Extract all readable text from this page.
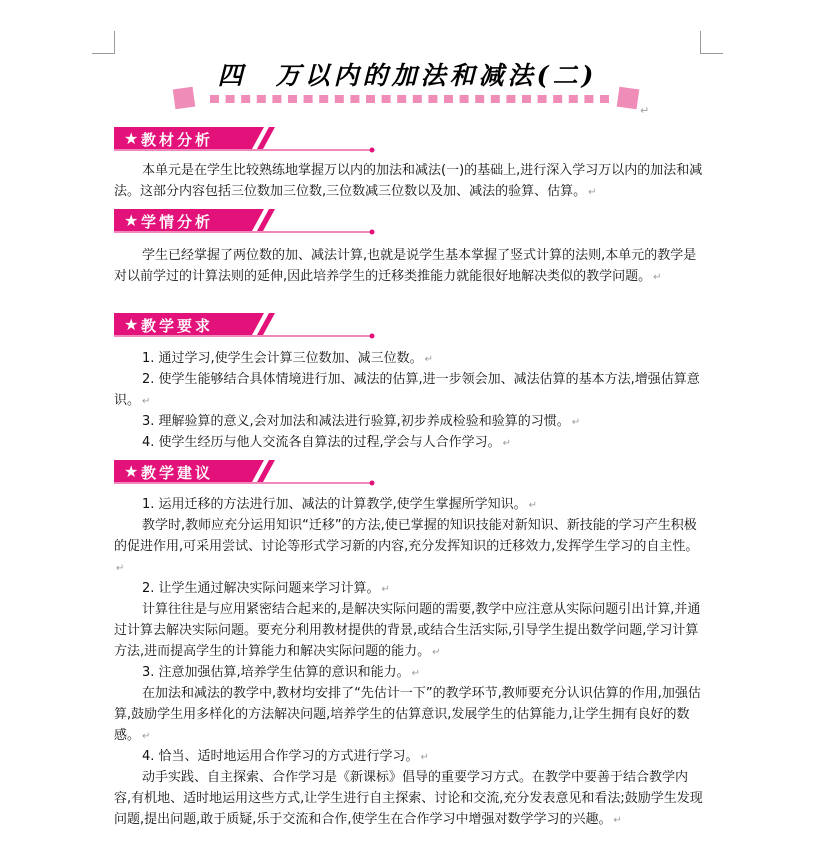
四　万以内的加法和减法(二)
↵
★ 教材分析

本单元是在学生比较熟练地掌握万以内的加法和减法(一)的基础上,进行深入学习万以内的加法和减法。这部分内容包括三位数加三位数,三位数减三位数以及加、减法的验算、估算。 ↵

★ 学情分析

学生已经掌握了两位数的加、减法计算,也就是说学生基本掌握了竖式计算的法则,本单元的教学是对以前学过的计算法则的延伸,因此培养学生的迁移类推能力就能很好地解决类似的教学问题。 ↵

★ 教学要求

1. 通过学习,使学生会计算三位数加、减三位数。 ↵

2. 使学生能够结合具体情境进行加、减法的估算,进一步领会加、减法估算的基本方法,增强估算意识。 ↵

3. 理解验算的意义,会对加法和减法进行验算,初步养成检验和验算的习惯。 ↵

4. 使学生经历与他人交流各自算法的过程,学会与人合作学习。 ↵

★ 教学建议

1. 运用迁移的方法进行加、减法的计算教学,使学生掌握所学知识。 ↵

教学时,教师应充分运用知识“迁移”的方法,使已掌握的知识技能对新知识、新技能的学习产生积极的促进作用,可采用尝试、讨论等形式学习新的内容,充分发挥知识的迁移效力,发挥学生学习的自主性。↵

2. 让学生通过解决实际问题来学习计算。 ↵

计算往往是与应用紧密结合起来的,是解决实际问题的需要,教学中应注意从实际问题引出计算,并通过计算去解决实际问题。要充分利用教材提供的背景,或结合生活实际,引导学生提出数学问题,学习计算方法,进而提高学生的计算能力和解决实际问题的能力。 ↵

3. 注意加强估算,培养学生估算的意识和能力。 ↵

在加法和减法的教学中,教材均安排了“先估计一下”的教学环节,教师要充分认识估算的作用,加强估算,鼓励学生用多样化的方法解决问题,培养学生的估算意识,发展学生的估算能力,让学生拥有良好的数感。 ↵

4. 恰当、适时地运用合作学习的方式进行学习。 ↵

动手实践、自主探索、合作学习是《新课标》倡导的重要学习方式。在教学中要善于结合教学内容,有机地、适时地运用这些方式,让学生进行自主探索、讨论和交流,充分发表意见和看法;鼓励学生发现问题,提出问题,敢于质疑,乐于交流和合作,使学生在合作学习中增强对数学学习的兴趣。 ↵
